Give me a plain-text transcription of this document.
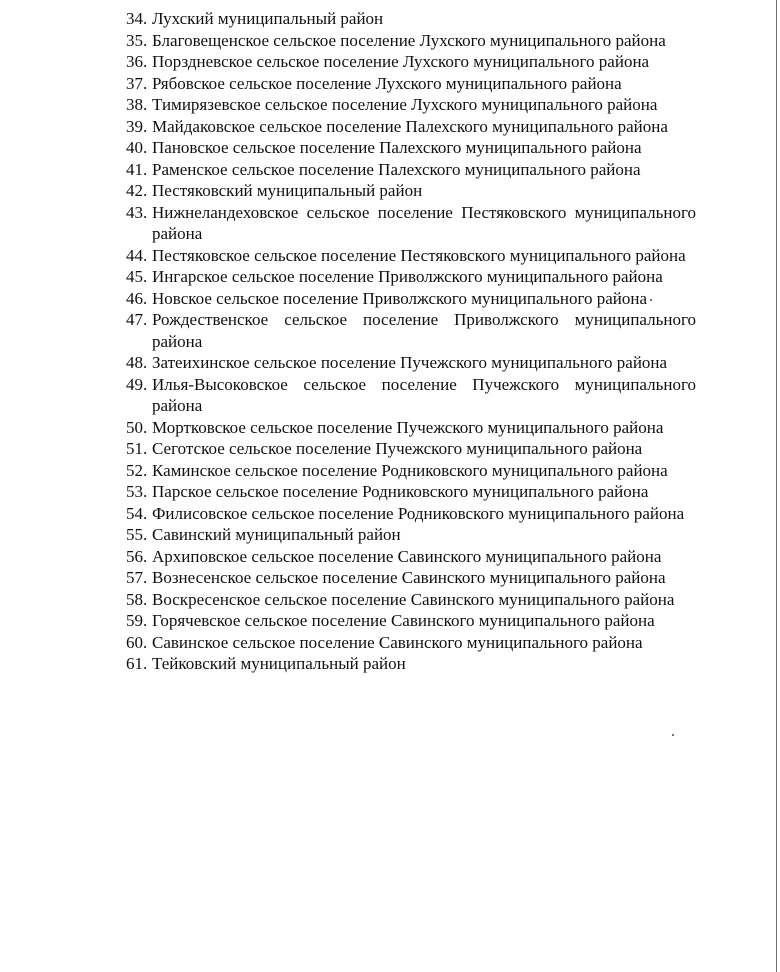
34. Лухский муниципальный район
35. Благовещенское сельское поселение Лухского муниципального района
36. Порздневское сельское поселение Лухского муниципального района
37. Рябовское сельское поселение Лухского муниципального района
38. Тимирязевское сельское поселение Лухского муниципального района
39. Майдаковское сельское поселение Палехского муниципального района
40. Пановское сельское поселение Палехского муниципального района
41. Раменское сельское поселение Палехского муниципального района
42. Пестяковский муниципальный район
43. Нижнеландеховское сельское поселение Пестяковского муниципального района
44. Пестяковское сельское поселение Пестяковского муниципального района
45. Ингарское сельское поселение Приволжского муниципального района
46. Новское сельское поселение Приволжского муниципального района
47. Рождественское сельское поселение Приволжского муниципального района
48. Затеихинское сельское поселение Пучежского муниципального района
49. Илья-Высоковское сельское поселение Пучежского муниципального района
50. Мортковское сельское поселение Пучежского муниципального района
51. Сеготское сельское поселение Пучежского муниципального района
52. Каминское сельское поселение Родниковского муниципального района
53. Парское сельское поселение Родниковского муниципального района
54. Филисовское сельское поселение Родниковского муниципального района
55. Савинский муниципальный район
56. Архиповское сельское поселение Савинского муниципального района
57. Вознесенское сельское поселение Савинского муниципального района
58. Воскресенское сельское поселение Савинского муниципального района
59. Горячевское сельское поселение Савинского муниципального района
60. Савинское сельское поселение Савинского муниципального района
61. Тейковский муниципальный район
